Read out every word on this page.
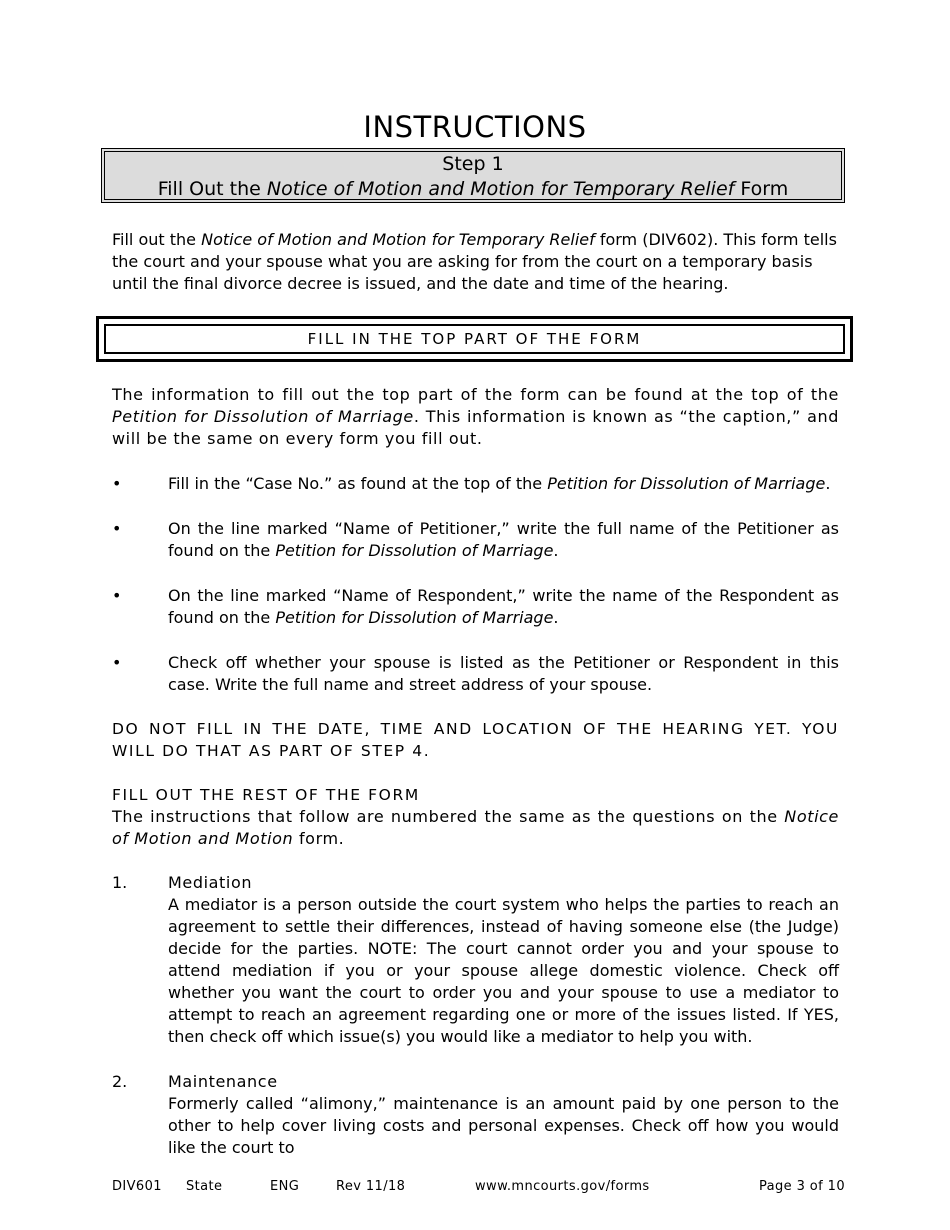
INSTRUCTIONS
Step 1
Fill Out the Notice of Motion and Motion for Temporary Relief Form
Fill out the Notice of Motion and Motion for Temporary Relief form (DIV602). This form tells the court and your spouse what you are asking for from the court on a temporary basis until the final divorce decree is issued, and the date and time of the hearing.
FILL IN THE TOP PART OF THE FORM
The information to fill out the top part of the form can be found at the top of the Petition for Dissolution of Marriage. This information is known as “the caption,” and will be the same on every form you fill out.
•	Fill in the “Case No.” as found at the top of the Petition for Dissolution of Marriage.
•	On the line marked “Name of Petitioner,” write the full name of the Petitioner as found on the Petition for Dissolution of Marriage.
•	On the line marked “Name of Respondent,” write the name of the Respondent as found on the Petition for Dissolution of Marriage.
•	Check off whether your spouse is listed as the Petitioner or Respondent in this case. Write the full name and street address of your spouse.
DO NOT FILL IN THE DATE, TIME AND LOCATION OF THE HEARING YET. YOU WILL DO THAT AS PART OF STEP 4.
FILL OUT THE REST OF THE FORM
The instructions that follow are numbered the same as the questions on the Notice of Motion and Motion form.
1.	Mediation
A mediator is a person outside the court system who helps the parties to reach an agreement to settle their differences, instead of having someone else (the Judge) decide for the parties. NOTE: The court cannot order you and your spouse to attend mediation if you or your spouse allege domestic violence. Check off whether you want the court to order you and your spouse to use a mediator to attempt to reach an agreement regarding one or more of the issues listed. If YES, then check off which issue(s) you would like a mediator to help you with.
2.	Maintenance
Formerly called “alimony,” maintenance is an amount paid by one person to the other to help cover living costs and personal expenses. Check off how you would like the court to
DIV601 State	ENG	Rev 11/18	www.mncourts.gov/forms	Page 3 of 10
